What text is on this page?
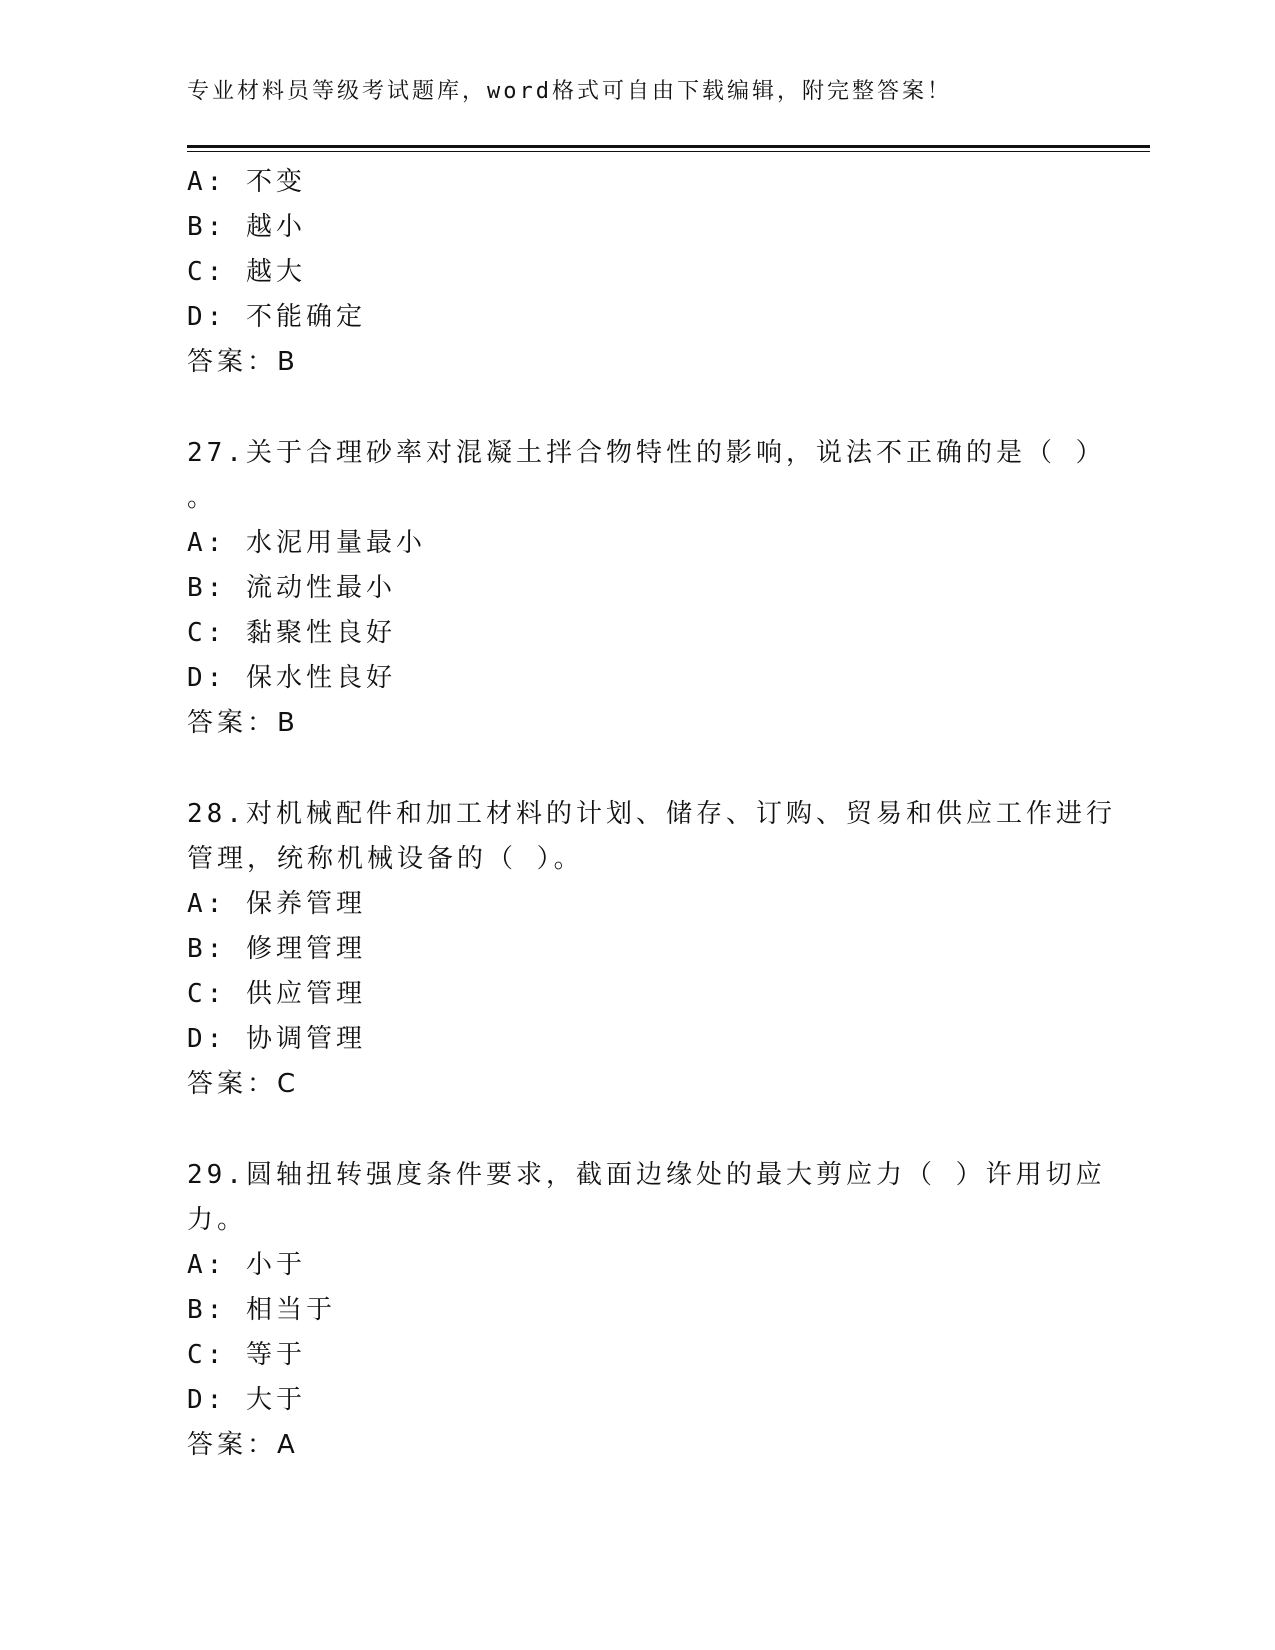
专业材料员等级考试题库，word格式可自由下载编辑，附完整答案！
A: 不变
B: 越小
C: 越大
D: 不能确定
答案：B
27.关于合理砂率对混凝土拌合物特性的影响，说法不正确的是（ ）
。
A: 水泥用量最小
B: 流动性最小
C: 黏聚性良好
D: 保水性良好
答案：B
28.对机械配件和加工材料的计划、储存、订购、贸易和供应工作进行
管理，统称机械设备的（ ）。
A: 保养管理
B: 修理管理
C: 供应管理
D: 协调管理
答案：C
29.圆轴扭转强度条件要求，截面边缘处的最大剪应力（ ）许用切应
力。
A: 小于
B: 相当于
C: 等于
D: 大于
答案：A
